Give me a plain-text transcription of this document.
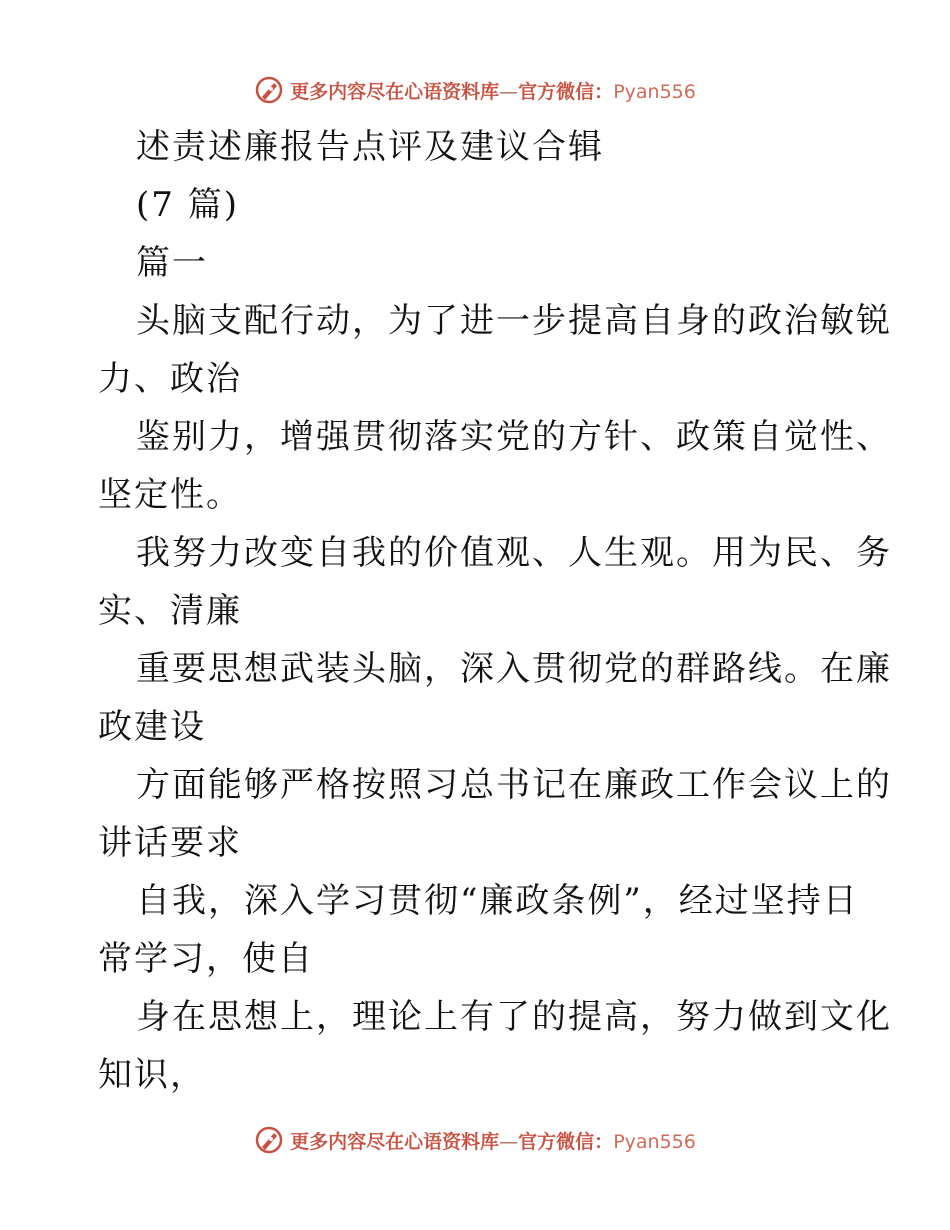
更多内容尽在心语资料库—官方微信：Pyan556
述责述廉报告点评及建议合辑
(7 篇)
篇一
头脑支配行动，为了进一步提高自身的政治敏锐
力、政治
鉴别力，增强贯彻落实党的方针、政策自觉性、
坚定性。
我努力改变自我的价值观、人生观。用为民、务
实、清廉
重要思想武装头脑，深入贯彻党的群路线。在廉
政建设
方面能够严格按照习总书记在廉政工作会议上的
讲话要求
自我，深入学习贯彻“廉政条例”，经过坚持日
常学习，使自
身在思想上，理论上有了的提高，努力做到文化
知识，
更多内容尽在心语资料库—官方微信：Pyan556
